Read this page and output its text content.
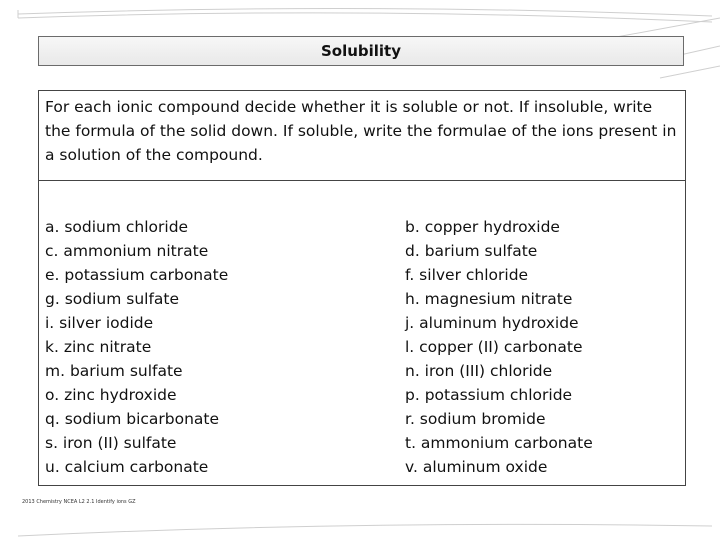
Solubility
For each ionic compound decide whether it is soluble or not. If insoluble, write the formula of the solid down. If soluble, write the formulae of the ions present in a solution of the compound.
a. sodium chloride
c. ammonium nitrate
e. potassium carbonate
g. sodium sulfate
i. silver iodide
k. zinc nitrate
m. barium sulfate
o. zinc hydroxide
q. sodium bicarbonate
s. iron (II) sulfate
u. calcium carbonate
b. copper hydroxide
d. barium sulfate
f. silver chloride
h. magnesium nitrate
j. aluminum hydroxide
l. copper (II) carbonate
n. iron (III) chloride
p. potassium chloride
r. sodium bromide
t. ammonium carbonate
v. aluminum oxide
2013 Chemistry NCEA L2 2.1 Identify ions GZ
